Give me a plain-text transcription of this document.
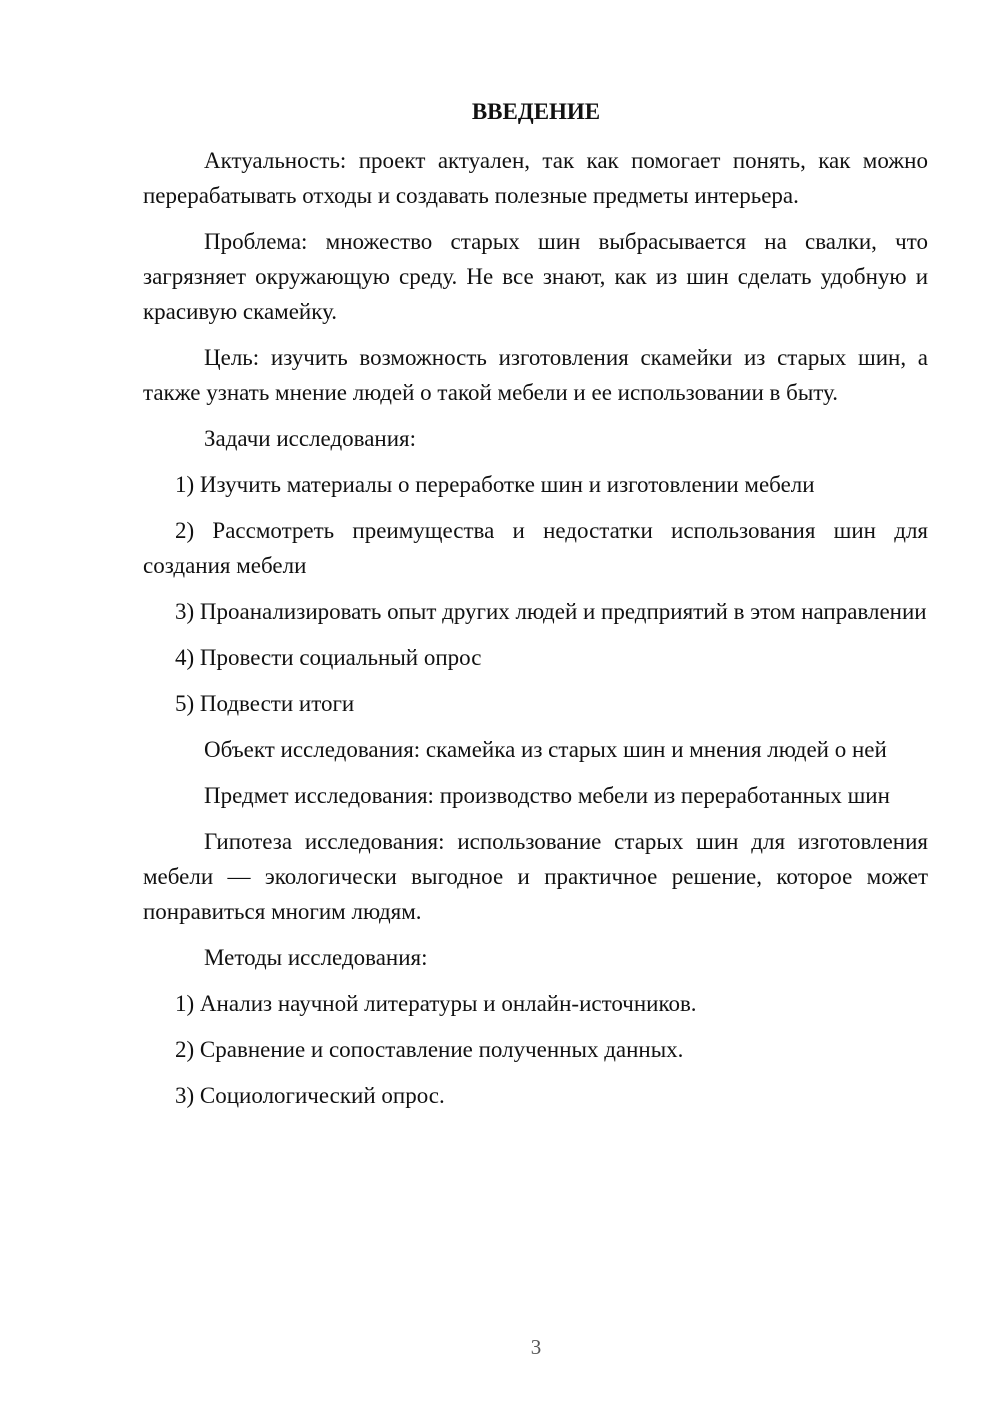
ВВЕДЕНИЕ

Актуальность: проект актуален, так как помогает понять, как можно перерабатывать отходы и создавать полезные предметы интерьера.

Проблема: множество старых шин выбрасывается на свалки, что загрязняет окружающую среду. Не все знают, как из шин сделать удобную и красивую скамейку.

Цель: изучить возможность изготовления скамейки из старых шин, а также узнать мнение людей о такой мебели и ее использовании в быту.

Задачи исследования:

1) Изучить материалы о переработке шин и изготовлении мебели

2) Рассмотреть преимущества и недостатки использования шин для создания мебели

3) Проанализировать опыт других людей и предприятий в этом направлении

4) Провести социальный опрос

5) Подвести итоги

Объект исследования: скамейка из старых шин и мнения людей о ней

Предмет исследования: производство мебели из переработанных шин

Гипотеза исследования: использование старых шин для изготовления мебели — экологически выгодное и практичное решение, которое может понравиться многим людям.

Методы исследования:

1) Анализ научной литературы и онлайн-источников.

2) Сравнение и сопоставление полученных данных.

3) Социологический опрос.

3
